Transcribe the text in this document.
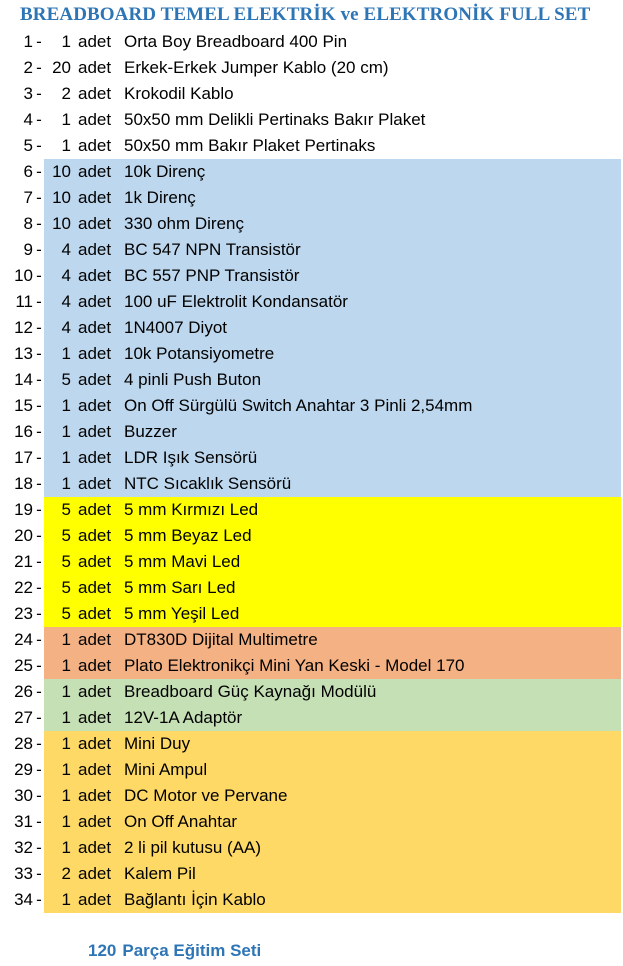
BREADBOARD TEMEL ELEKTRİK ve ELEKTRONİK FULL SET
1 -	1 adet Orta Boy Breadboard 400 Pin
2 - 20 adet Erkek-Erkek Jumper Kablo (20 cm)
3 -	2 adet Krokodil Kablo
4 -	1 adet 50x50 mm Delikli Pertinaks Bakır Plaket
5 -	1 adet 50x50 mm Bakır Plaket Pertinaks
6 - 10 adet 10k Direnç
7 - 10 adet 1k Direnç
8 - 10 adet 330 ohm Direnç
9 -	4 adet BC 547 NPN Transistör
10 -	4 adet BC 557 PNP Transistör
11 -	4 adet 100 uF Elektrolit Kondansatör
12 -	4 adet 1N4007 Diyot
13 -	1 adet 10k Potansiyometre
14 -	5 adet 4 pinli Push Buton
15 -	1 adet On Off Sürgülü Switch Anahtar 3 Pinli 2,54mm
16 -	1 adet Buzzer
17 -	1 adet LDR Işık Sensörü
18 -	1 adet NTC Sıcaklık Sensörü
19 -	5 adet 5 mm Kırmızı Led
20 -	5 adet 5 mm Beyaz Led
21 -	5 adet 5 mm Mavi Led
22 -	5 adet 5 mm Sarı Led
23 -	5 adet 5 mm Yeşil Led
24 -	1 adet DT830D Dijital Multimetre
25 -	1 adet Plato Elektronikçi Mini Yan Keski - Model 170
26 -	1 adet Breadboard Güç Kaynağı Modülü
27 -	1 adet 12V-1A Adaptör
28 -	1 adet Mini Duy
29 -	1 adet Mini Ampul
30 -	1 adet DC Motor ve Pervane
31 -	1 adet On Off Anahtar
32 -	1 adet 2 li pil kutusu (AA)
33 -	2 adet Kalem Pil
34 -	1 adet Bağlantı İçin Kablo
120 Parça Eğitim Seti
